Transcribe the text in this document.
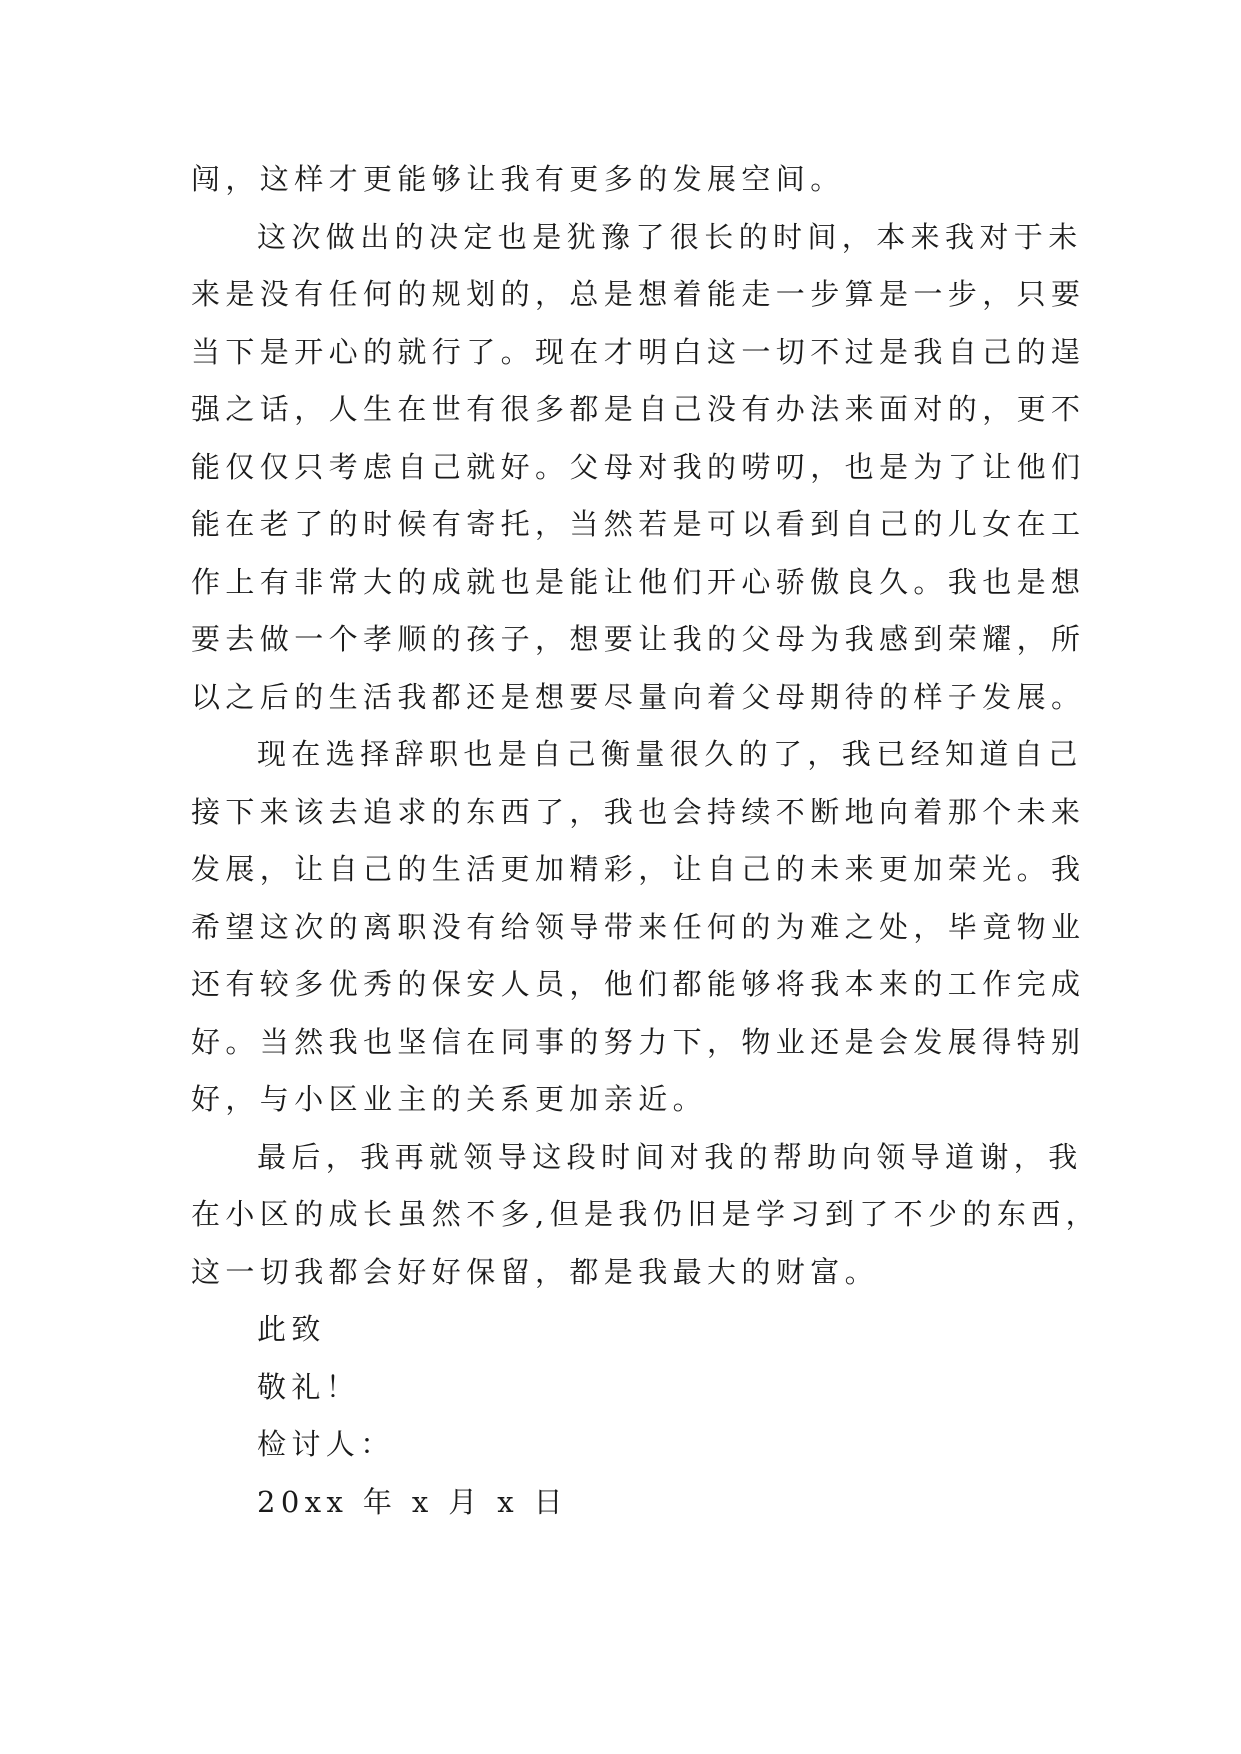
闯，这样才更能够让我有更多的发展空间。
这次做出的决定也是犹豫了很长的时间，本来我对于未
来是没有任何的规划的，总是想着能走一步算是一步，只要
当下是开心的就行了。现在才明白这一切不过是我自己的逞
强之话，人生在世有很多都是自己没有办法来面对的，更不
能仅仅只考虑自己就好。父母对我的唠叨，也是为了让他们
能在老了的时候有寄托，当然若是可以看到自己的儿女在工
作上有非常大的成就也是能让他们开心骄傲良久。我也是想
要去做一个孝顺的孩子，想要让我的父母为我感到荣耀，所
以之后的生活我都还是想要尽量向着父母期待的样子发展。
现在选择辞职也是自己衡量很久的了，我已经知道自己
接下来该去追求的东西了，我也会持续不断地向着那个未来
发展，让自己的生活更加精彩，让自己的未来更加荣光。我
希望这次的离职没有给领导带来任何的为难之处，毕竟物业
还有较多优秀的保安人员，他们都能够将我本来的工作完成
好。当然我也坚信在同事的努力下，物业还是会发展得特别
好，与小区业主的关系更加亲近。
最后，我再就领导这段时间对我的帮助向领导道谢，我
在小区的成长虽然不多,但是我仍旧是学习到了不少的东西，
这一切我都会好好保留，都是我最大的财富。
此致
敬礼！
检讨人：
20xx 年 x 月 x 日
